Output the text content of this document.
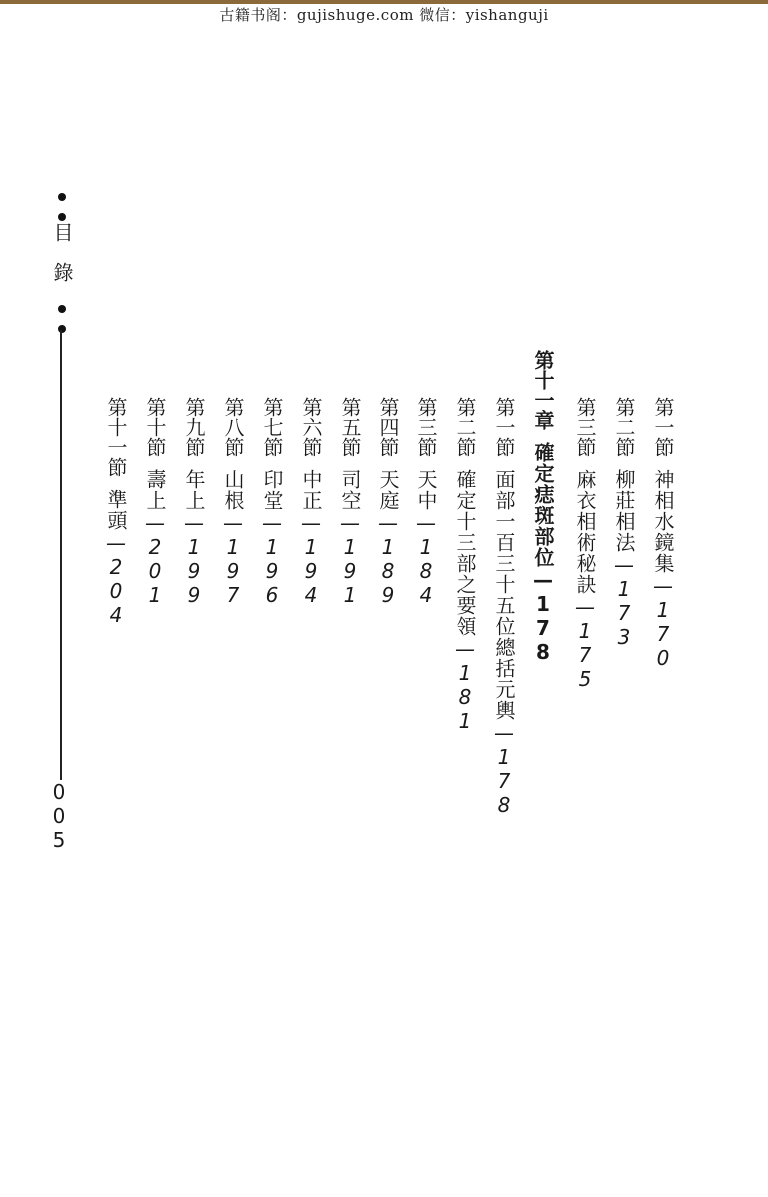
古籍书阁：gujishuge.com 微信：yishanguji
第一節神相水鏡集—170
第二節柳莊相法—173
第三節麻衣相術秘訣—175
第十一章確定痣斑部位—178
第一節面部一百三十五位總括元輿—178
第二節確定十三部之要領—181
第三節天中—184
第四節天庭—189
第五節司空—191
第六節中正—194
第七節印堂—196
第八節山根—197
第九節年上—199
第十節壽上—201
第十一節準頭—204
目　錄
005
